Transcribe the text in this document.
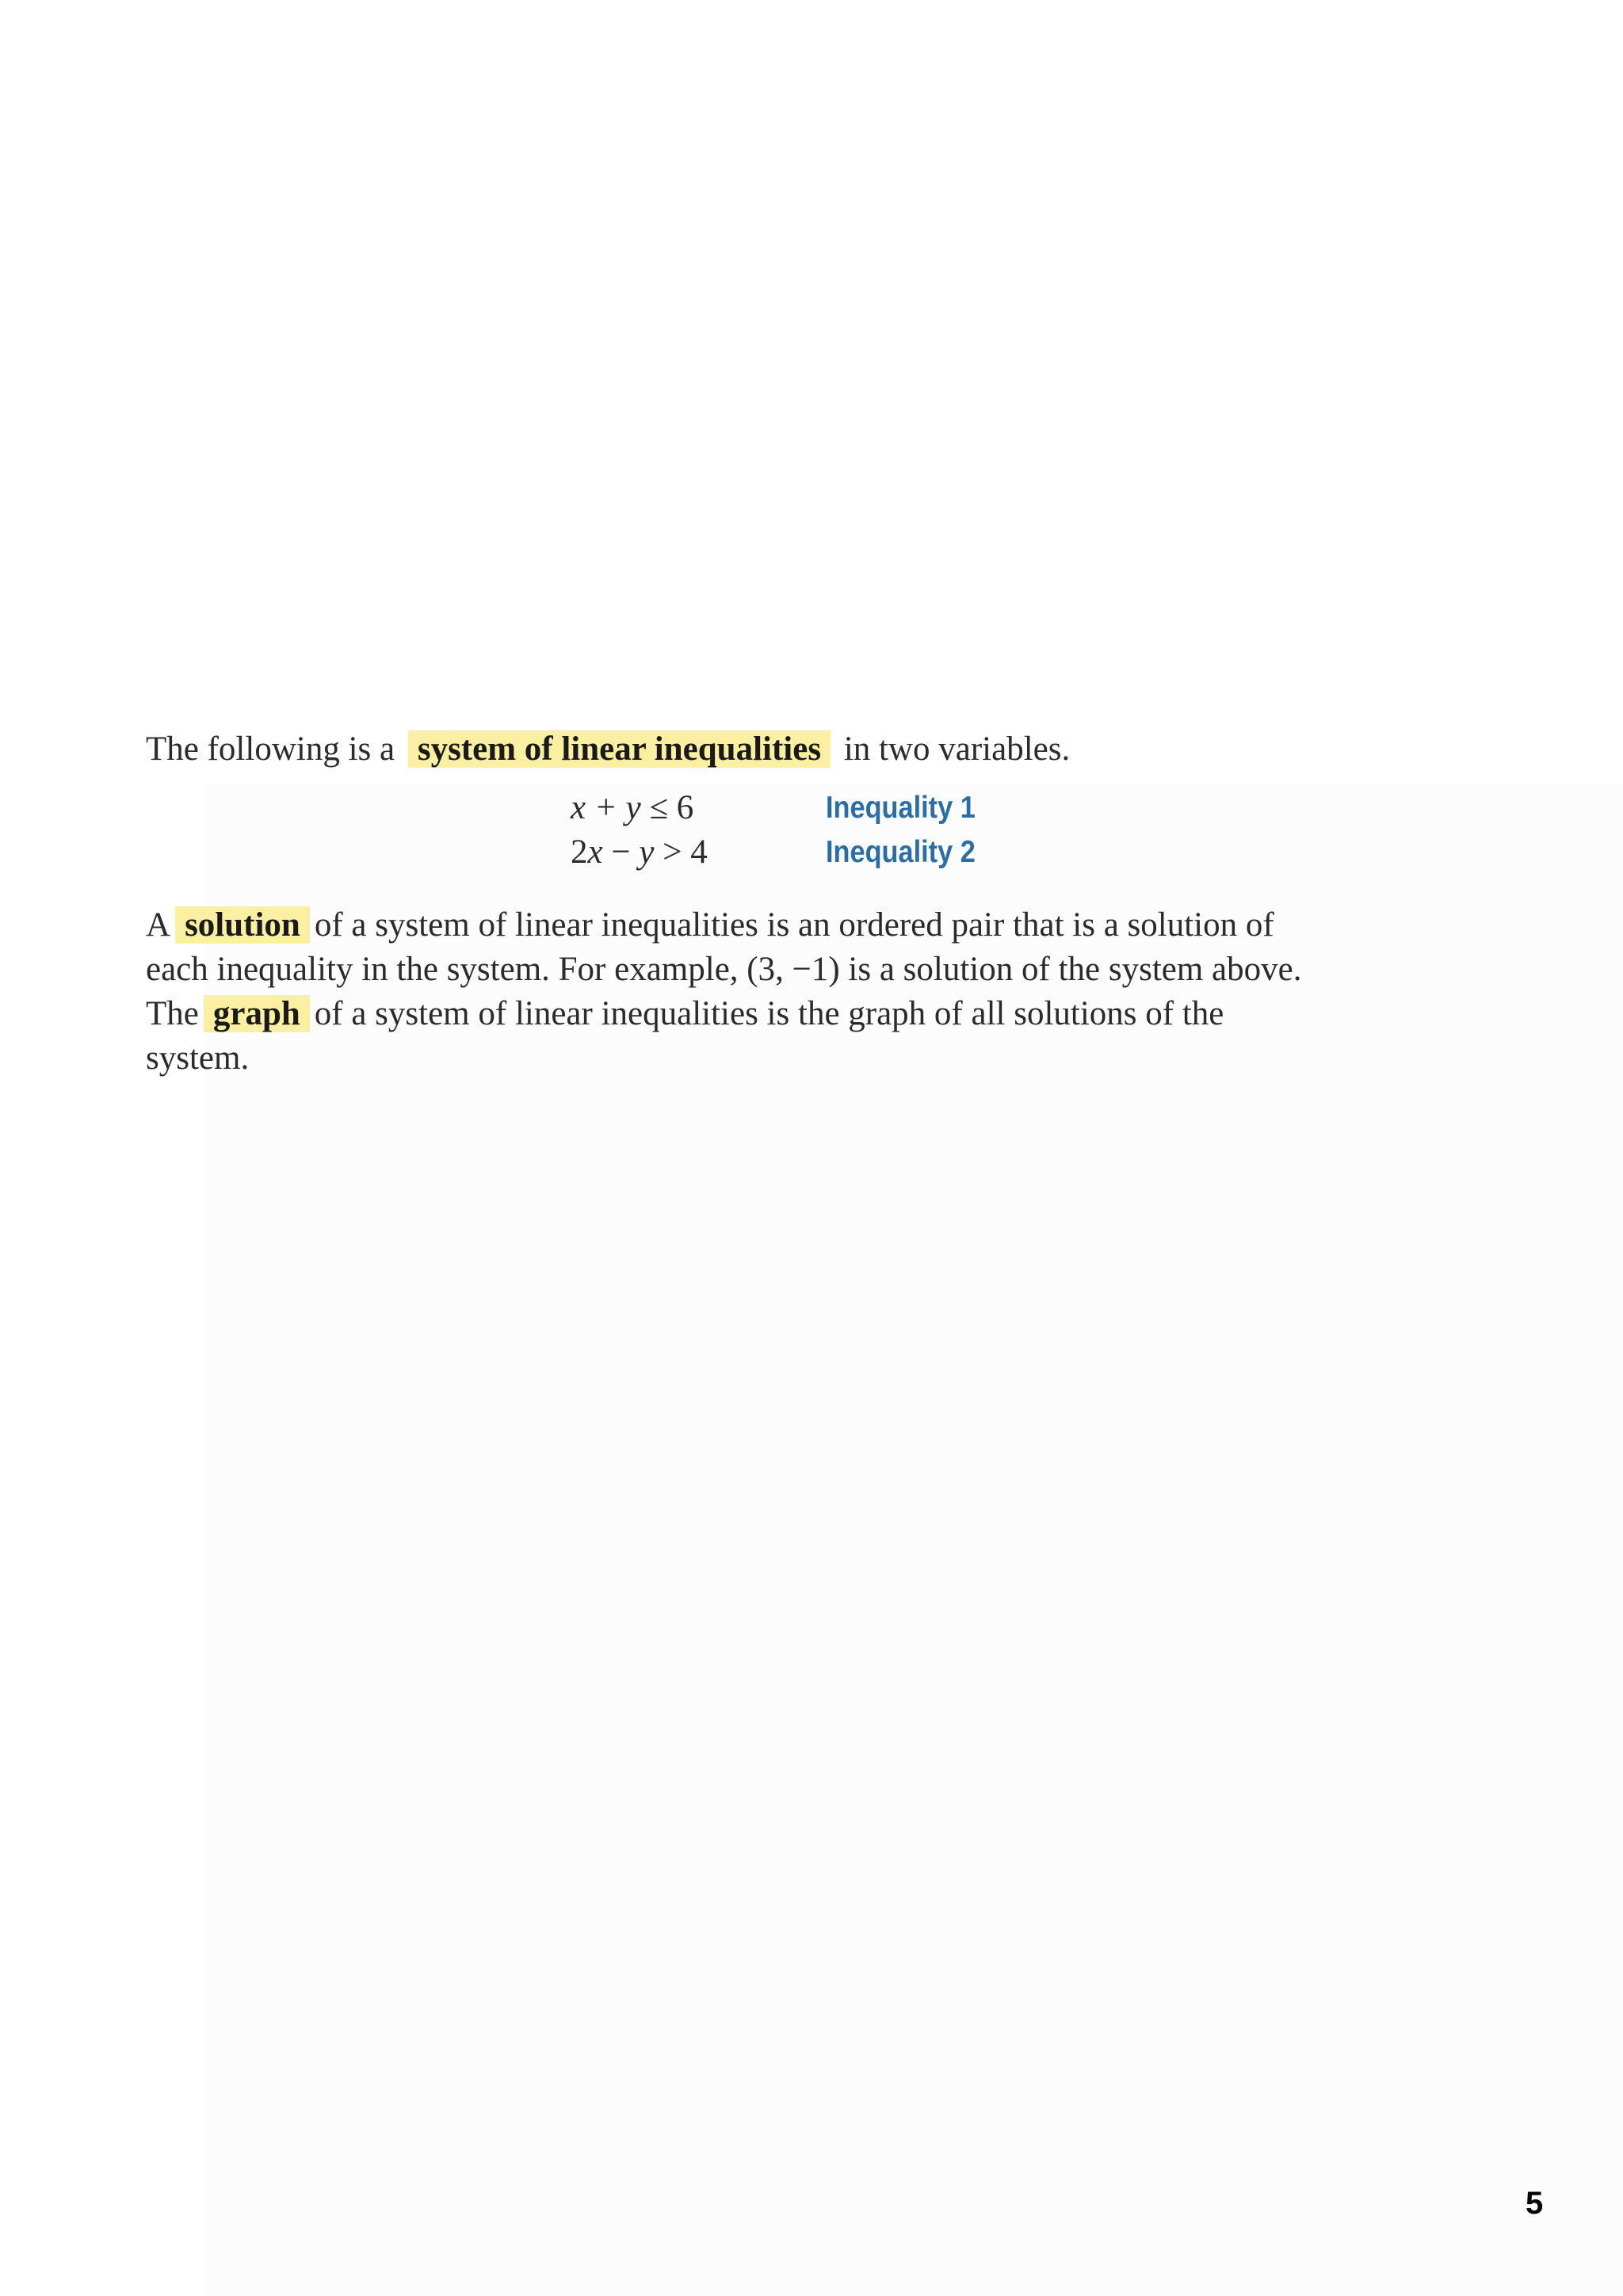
The following is a system of linear inequalities in two variables.
x + y ≤ 6	Inequality 1
2x − y > 4	Inequality 2
A solution of a system of linear inequalities is an ordered pair that is a solution of
each inequality in the system. For example, (3, −1) is a solution of the system above.
The graph of a system of linear inequalities is the graph of all solutions of the
system.
5
